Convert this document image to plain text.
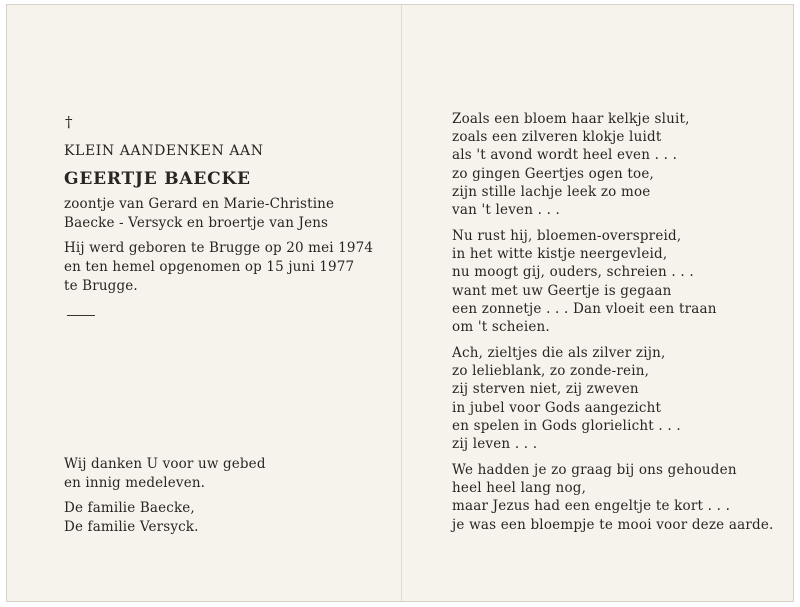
†
KLEIN AANDENKEN AAN
GEERTJE BAECKE
zoontje van Gerard en Marie-Christine
Baecke - Versyck en broertje van Jens
Hij werd geboren te Brugge op 20 mei 1974
en ten hemel opgenomen op 15 juni 1977
te Brugge.
Wij danken U voor uw gebed
en innig medeleven.
De familie Baecke,
De familie Versyck.
Zoals een bloem haar kelkje sluit,
zoals een zilveren klokje luidt
als 't avond wordt heel even . . .
zo gingen Geertjes ogen toe,
zijn stille lachje leek zo moe
van 't leven . . .
Nu rust hij, bloemen-overspreid,
in het witte kistje neergevleid,
nu moogt gij, ouders, schreien . . .
want met uw Geertje is gegaan
een zonnetje . . . Dan vloeit een traan
om 't scheien.
Ach, zieltjes die als zilver zijn,
zo lelieblank, zo zonde-rein,
zij sterven niet, zij zweven
in jubel voor Gods aangezicht
en spelen in Gods glorielicht . . .
zij leven . . .
We hadden je zo graag bij ons gehouden
heel heel lang nog,
maar Jezus had een engeltje te kort . . .
je was een bloempje te mooi voor deze aarde.
